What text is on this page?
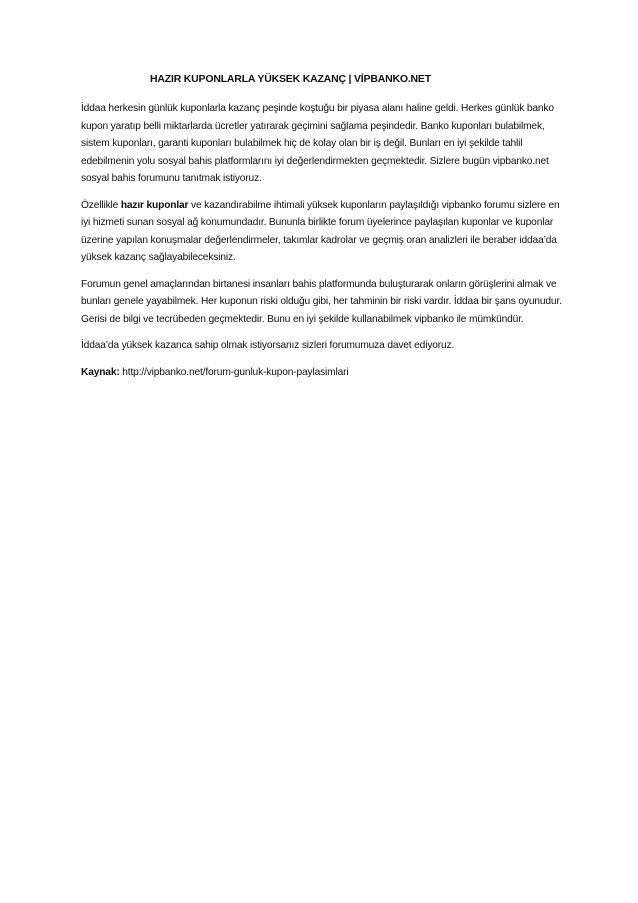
HAZIR KUPONLARLA YÜKSEK KAZANÇ | VİPBANKO.NET

İddaa herkesin günlük kuponlarla kazanç peşinde koştuğu bir piyasa alanı haline geldi. Herkes günlük banko kupon yaratıp belli miktarlarda ücretler yatırarak geçimini sağlama peşindedir. Banko kuponları bulabilmek, sistem kuponları, garanti kuponları bulabilmek hiç de kolay olan bir iş değil. Bunları en iyi şekilde tahlil edebilmenin yolu sosyal bahis platformlarını iyi değerlendirmekten geçmektedir. Sizlere bugün vipbanko.net sosyal bahis forumunu tanıtmak istiyoruz.

Özellikle hazır kuponlar ve kazandırabilme ihtimali yüksek kuponların paylaşıldığı vipbanko forumu sizlere en iyi hizmeti sunan sosyal ağ konumundadır. Bununla birlikte forum üyelerince paylaşılan kuponlar ve kuponlar üzerine yapılan konuşmalar değerlendirmeler, takımlar kadrolar ve geçmiş oran analizleri ile beraber iddaa’da yüksek kazanç sağlayabileceksiniz.

Forumun genel amaçlarından birtanesi insanları bahis platformunda buluşturarak onların görüşlerini almak ve bunları genele yayabilmek. Her kuponun riski olduğu gibi, her tahminin bir riski vardır. İddaa bir şans oyunudur. Gerisi de bilgi ve tecrübeden geçmektedir. Bunu en iyi şekilde kullanabilmek vipbanko ile mümkündür.

İddaa’da yüksek kazanca sahip olmak istiyorsanız sizleri forumumuza davet ediyoruz.

Kaynak: http://vipbanko.net/forum-gunluk-kupon-paylasimlari
